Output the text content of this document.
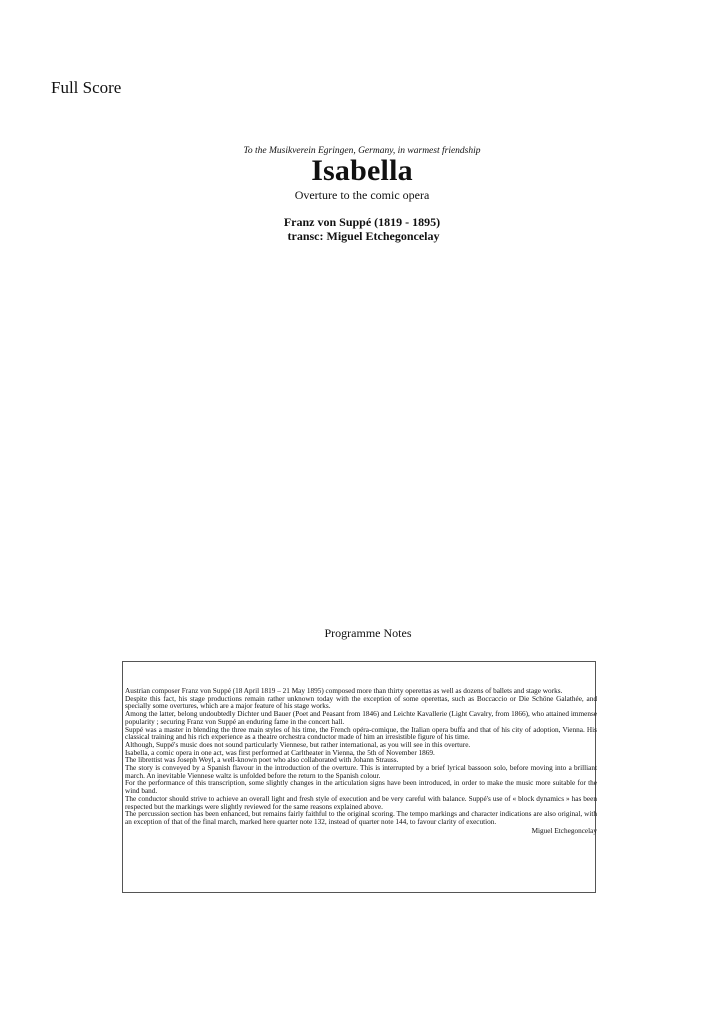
Full Score
To the Musikverein Egringen, Germany, in warmest friendship
Isabella
Overture to the comic opera
Franz von Suppé (1819 - 1895)
transc: Miguel Etchegoncelay
Programme Notes

Austrian composer Franz von Suppé (18 April 1819 – 21 May 1895) composed more than thirty operettas as well as dozens of ballets and stage works.

Despite this fact, his stage productions remain rather unknown today with the exception of some operettas, such as Boccaccio or Die Schöne Galathée, and specially some overtures, which are a major feature of his stage works.

Among the latter, belong undoubtedly Dichter und Bauer (Poet and Peasant from 1846) and Leichte Kavallerie (Light Cavalry, from 1866), who attained immense popularity ; securing Franz von Suppé an enduring fame in the concert hall.

Suppé was a master in blending the three main styles of his time, the French opéra-comique, the Italian opera buffa and that of his city of adoption, Vienna. His classical training and his rich experience as a theatre orchestra conductor made of him an irresistible figure of his time.

Although, Suppé's music does not sound particularly Viennese, but rather international, as you will see in this overture.

Isabella, a comic opera in one act, was first performed at Carltheater in Vienna, the 5th of November 1869.

The librettist was Joseph Weyl, a well-known poet who also collaborated with Johann Strauss.

The story is conveyed by a Spanish flavour in the introduction of the overture. This is interrupted by a brief lyrical bassoon solo, before moving into a brilliant march. An inevitable Viennese waltz is unfolded before the return to the Spanish colour.

For the performance of this transcription, some slightly changes in the articulation signs have been introduced, in order to make the music more suitable for the wind band.

The conductor should strive to achieve an overall light and fresh style of execution and be very careful with balance. Suppé's use of « block dynamics » has been respected but the markings were slightly reviewed for the same reasons explained above.

The percussion section has been enhanced, but remains fairly faithful to the original scoring. The tempo markings and character indications are also original, with an exception of that of the final march, marked here quarter note 132, instead of quarter note 144, to favour clarity of execution.

Miguel Etchegoncelay
